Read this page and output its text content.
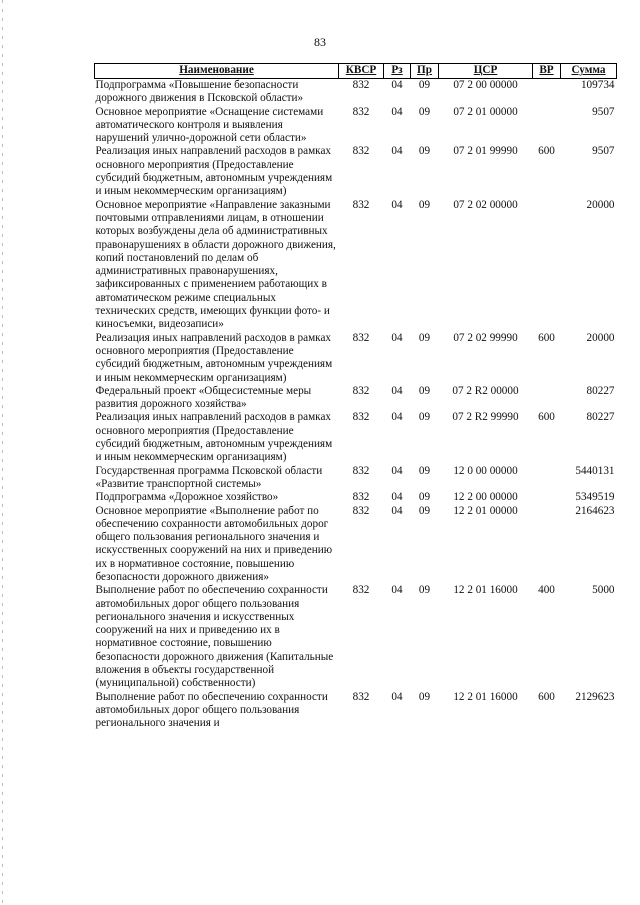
83
Наименование	КВСР	Рз	Пр	ЦСР	ВР	Сумма
Подпрограмма «Повышение безопасности дорожного движения в Псковской области»	832	04	09	07 2 00 00000		109734
Основное мероприятие «Оснащение системами автоматического контроля и выявления нарушений улично-дорожной сети области»	832	04	09	07 2 01 00000		9507
Реализация иных направлений расходов в рамках основного мероприятия (Предоставление субсидий бюджетным, автономным учреждениям и иным некоммерческим организациям)	832	04	09	07 2 01 99990	600	9507
Основное мероприятие «Направление заказными почтовыми отправлениями лицам, в отношении которых возбуждены дела об административных правонарушениях в области дорожного движения, копий постановлений по делам об административных правонарушениях, зафиксированных с применением работающих в автоматическом режиме специальных технических средств, имеющих функции фото- и киносъемки, видеозаписи»	832	04	09	07 2 02 00000		20000
Реализация иных направлений расходов в рамках основного мероприятия (Предоставление субсидий бюджетным, автономным учреждениям и иным некоммерческим организациям)	832	04	09	07 2 02 99990	600	20000
Федеральный проект «Общесистемные меры развития дорожного хозяйства»	832	04	09	07 2 R2 00000		80227
Реализация иных направлений расходов в рамках основного мероприятия (Предоставление субсидий бюджетным, автономным учреждениям и иным некоммерческим организациям)	832	04	09	07 2 R2 99990	600	80227
Государственная программа Псковской области «Развитие транспортной системы»	832	04	09	12 0 00 00000		5440131
Подпрограмма «Дорожное хозяйство»	832	04	09	12 2 00 00000		5349519
Основное мероприятие «Выполнение работ по обеспечению сохранности автомобильных дорог общего пользования регионального значения и искусственных сооружений на них и приведению их в нормативное состояние, повышению безопасности дорожного движения»	832	04	09	12 2 01 00000		2164623
Выполнение работ по обеспечению сохранности автомобильных дорог общего пользования регионального значения и искусственных сооружений на них и приведению их в нормативное состояние, повышению безопасности дорожного движения (Капитальные вложения в объекты государственной (муниципальной) собственности)	832	04	09	12 2 01 16000	400	5000
Выполнение работ по обеспечению сохранности автомобильных дорог общего пользования регионального значения и	832	04	09	12 2 01 16000	600	2129623
